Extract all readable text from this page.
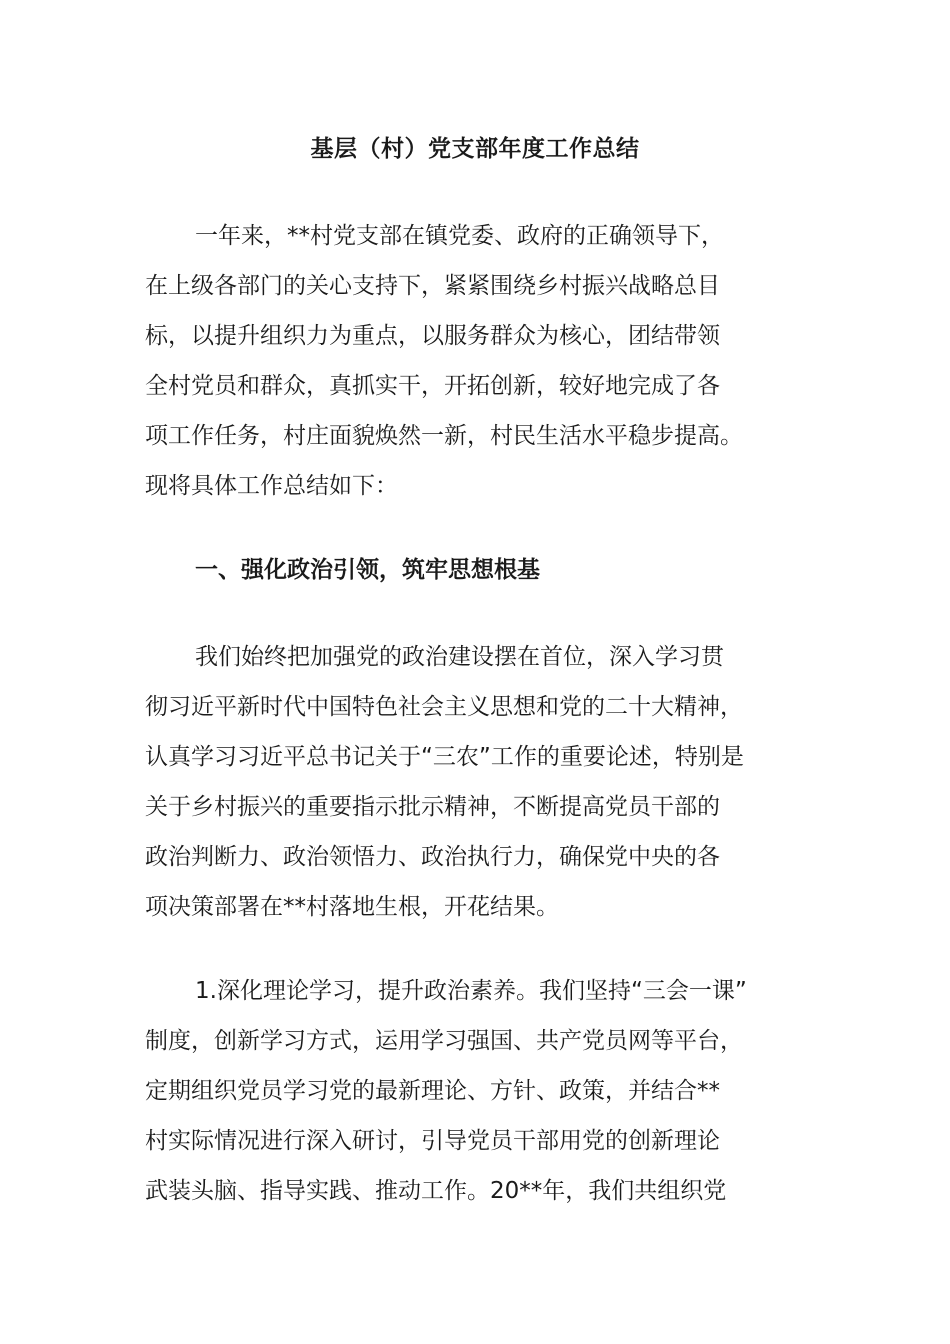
基层（村）党支部年度工作总结
一年来，**村党支部在镇党委、政府的正确领导下，
在上级各部门的关心支持下，紧紧围绕乡村振兴战略总目
标，以提升组织力为重点，以服务群众为核心，团结带领
全村党员和群众，真抓实干，开拓创新，较好地完成了各
项工作任务，村庄面貌焕然一新，村民生活水平稳步提高。
现将具体工作总结如下：
一、强化政治引领，筑牢思想根基
我们始终把加强党的政治建设摆在首位，深入学习贯
彻习近平新时代中国特色社会主义思想和党的二十大精神，
认真学习习近平总书记关于“三农”工作的重要论述，特别是
关于乡村振兴的重要指示批示精神，不断提高党员干部的
政治判断力、政治领悟力、政治执行力，确保党中央的各
项决策部署在**村落地生根，开花结果。
1.深化理论学习，提升政治素养。我们坚持“三会一课”
制度，创新学习方式，运用学习强国、共产党员网等平台，
定期组织党员学习党的最新理论、方针、政策，并结合**
村实际情况进行深入研讨，引导党员干部用党的创新理论
武装头脑、指导实践、推动工作。20**年，我们共组织党
